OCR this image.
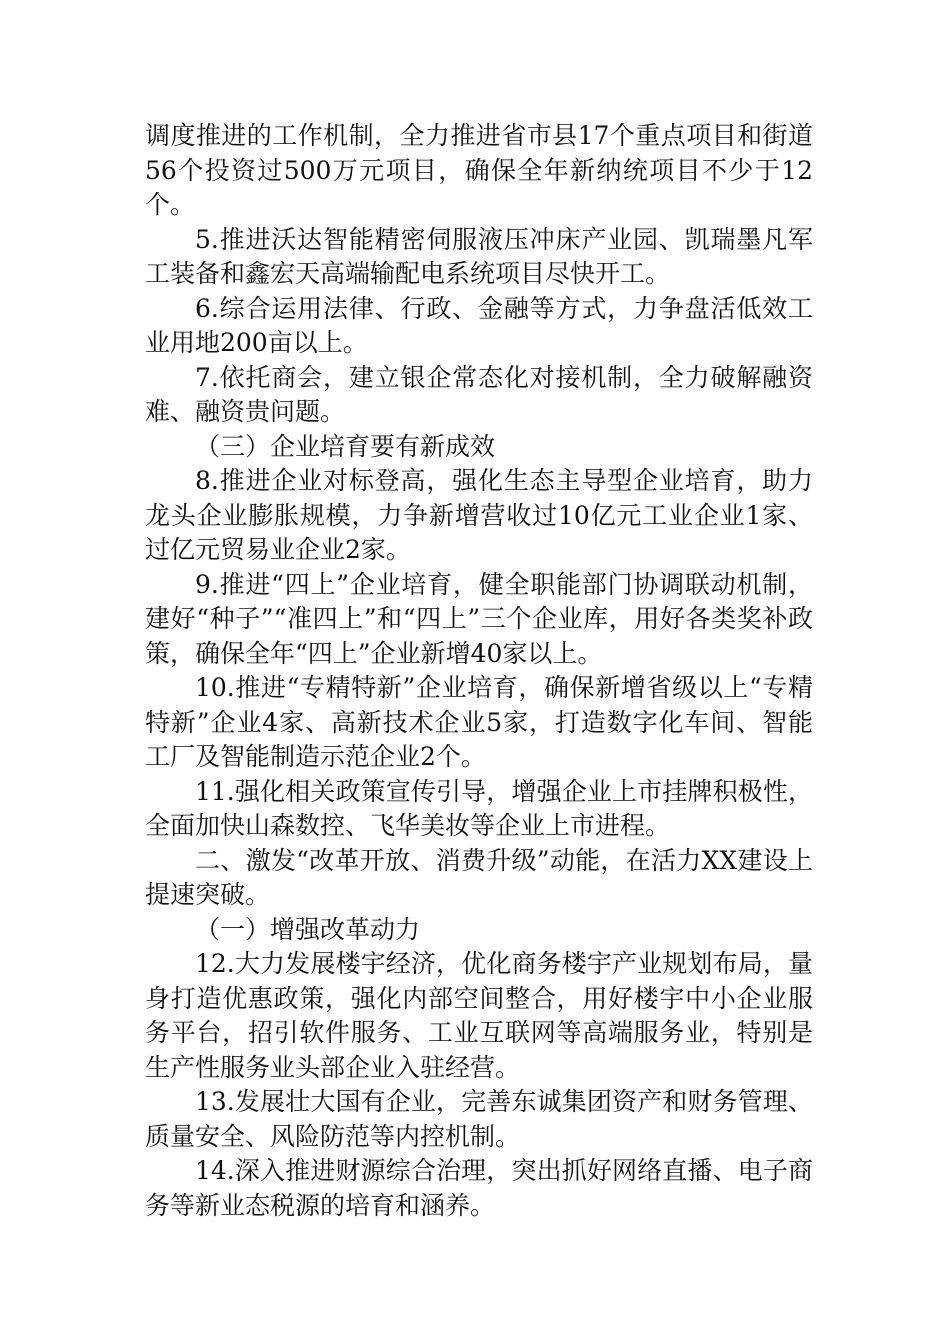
调度推进的工作机制，全力推进省市县17个重点项目和街道56个投资过500万元项目，确保全年新纳统项目不少于12个。

5.推进沃达智能精密伺服液压冲床产业园、凯瑞墨凡军工装备和鑫宏天高端输配电系统项目尽快开工。

6.综合运用法律、行政、金融等方式，力争盘活低效工业用地200亩以上。

7.依托商会，建立银企常态化对接机制，全力破解融资难、融资贵问题。

（三）企业培育要有新成效

8.推进企业对标登高，强化生态主导型企业培育，助力龙头企业膨胀规模，力争新增营收过10亿元工业企业1家、过亿元贸易业企业2家。

9.推进“四上”企业培育，健全职能部门协调联动机制，建好“种子”“准四上”和“四上”三个企业库，用好各类奖补政策，确保全年“四上”企业新增40家以上。

10.推进“专精特新”企业培育，确保新增省级以上“专精特新”企业4家、高新技术企业5家，打造数字化车间、智能工厂及智能制造示范企业2个。

11.强化相关政策宣传引导，增强企业上市挂牌积极性，全面加快山森数控、飞华美妆等企业上市进程。

二、激发“改革开放、消费升级”动能，在活力XX建设上提速突破。

（一）增强改革动力

12.大力发展楼宇经济，优化商务楼宇产业规划布局，量身打造优惠政策，强化内部空间整合，用好楼宇中小企业服务平台，招引软件服务、工业互联网等高端服务业，特别是生产性服务业头部企业入驻经营。

13.发展壮大国有企业，完善东诚集团资产和财务管理、质量安全、风险防范等内控机制。

14.深入推进财源综合治理，突出抓好网络直播、电子商务等新业态税源的培育和涵养。
